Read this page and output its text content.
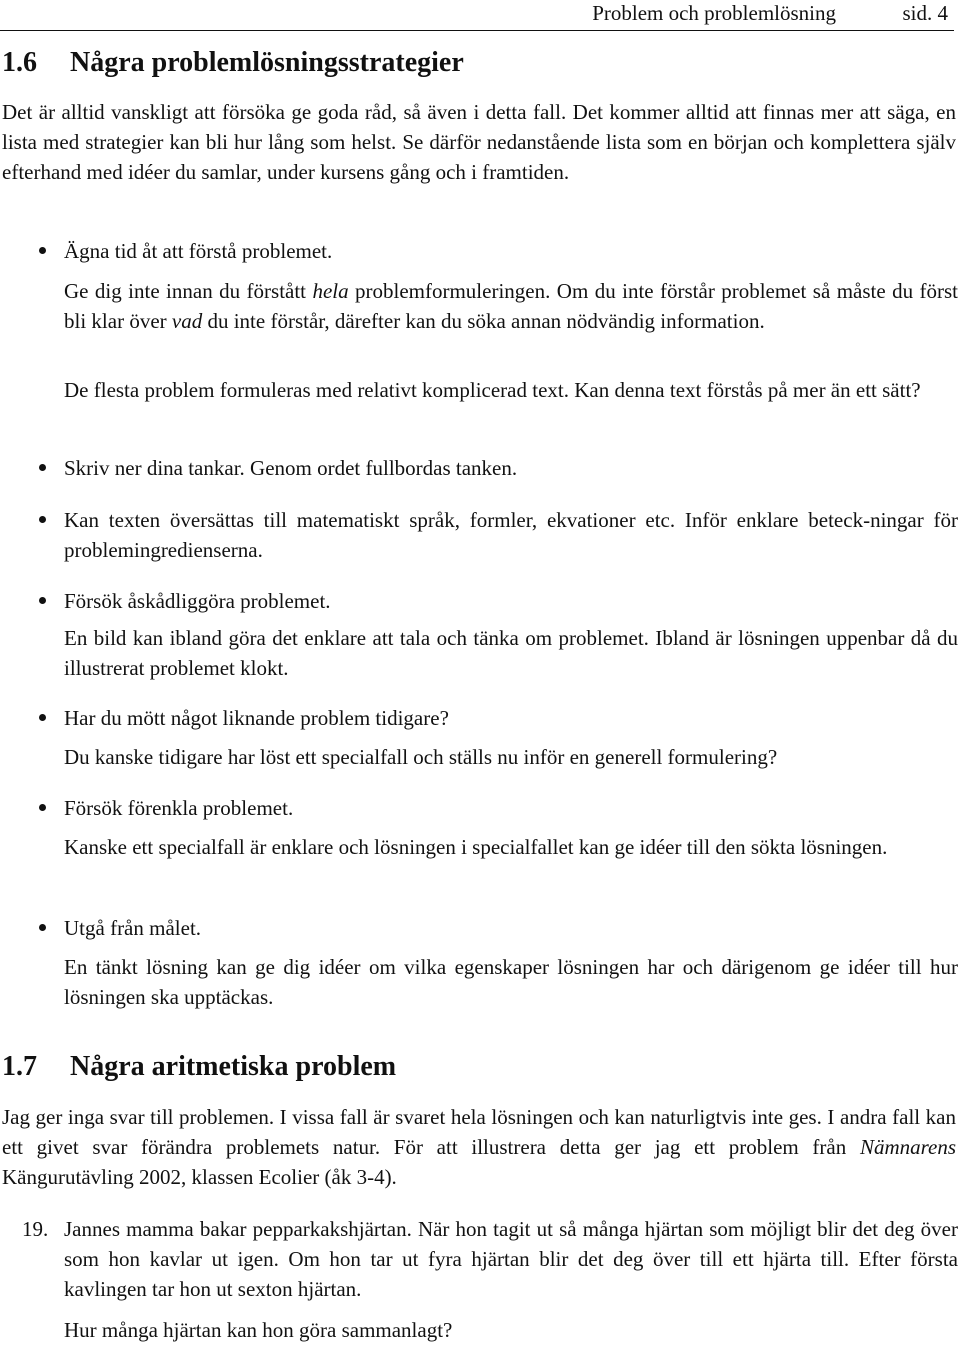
Problem och problemlösning	sid. 4
1.6 Några problemlösningsstrategier

Det är alltid vanskligt att försöka ge goda råd, så även i detta fall. Det kommer alltid att finnas mer att säga, en lista med strategier kan bli hur lång som helst. Se därför nedanstående lista som en början och komplettera själv efterhand med idéer du samlar, under kursens gång och i framtiden.

Ägna tid åt att förstå problemet.

Ge dig inte innan du förstått hela problemformuleringen. Om du inte förstår problemet så måste du först bli klar över vad du inte förstår, därefter kan du söka annan nödvändig information.

De flesta problem formuleras med relativt komplicerad text. Kan denna text förstås på mer än ett sätt?

Skriv ner dina tankar. Genom ordet fullbordas tanken.

Kan texten översättas till matematiskt språk, formler, ekvationer etc. Inför enklare beteck-ningar för problemingredienserna.

Försök åskådliggöra problemet.

En bild kan ibland göra det enklare att tala och tänka om problemet. Ibland är lösningen uppenbar då du illustrerat problemet klokt.

Har du mött något liknande problem tidigare?

Du kanske tidigare har löst ett specialfall och ställs nu inför en generell formulering?

Försök förenkla problemet.

Kanske ett specialfall är enklare och lösningen i specialfallet kan ge idéer till den sökta lösningen.

Utgå från målet.

En tänkt lösning kan ge dig idéer om vilka egenskaper lösningen har och därigenom ge idéer till hur lösningen ska upptäckas.

1.7 Några aritmetiska problem

Jag ger inga svar till problemen. I vissa fall är svaret hela lösningen och kan naturligtvis inte ges. I andra fall kan ett givet svar förändra problemets natur. För att illustrera detta ger jag ett problem från Nämnarens Kängurutävling 2002, klassen Ecolier (åk 3-4).

19. Jannes mamma bakar pepparkakshjärtan. När hon tagit ut så många hjärtan som möjligt blir det deg över som hon kavlar ut igen. Om hon tar ut fyra hjärtan blir det deg över till ett hjärta till. Efter första kavlingen tar hon ut sexton hjärtan.

Hur många hjärtan kan hon göra sammanlagt?
